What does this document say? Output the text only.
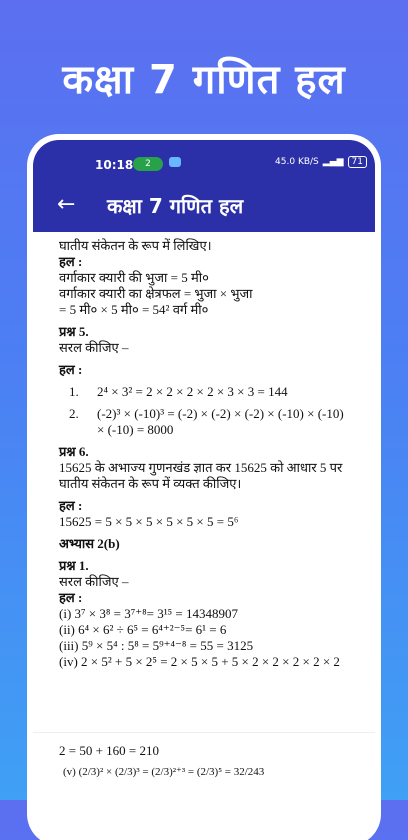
कक्षा 7 गणित हल
10:18	2	45.0 KB/S ▂▄▆ 71
← कक्षा 7 गणित हल
घातीय संकेतन के रूप में लिखिए।
हल :
वर्गाकार क्यारी की भुजा = 5 मी०
वर्गाकार क्यारी का क्षेत्रफल = भुजा × भुजा
= 5 मी० × 5 मी० = 54² वर्ग मी०
प्रश्न 5.
सरल कीजिए –
हल :
1.	2⁴ × 3² = 2 × 2 × 2 × 2 × 3 × 3 = 144
2.	(-2)³ × (-10)³ = (-2) × (-2) × (-2) × (-10) × (-10) × (-10) = 8000
प्रश्न 6.
15625 के अभाज्य गुणनखंड ज्ञात कर 15625 को आधार 5 पर घातीय संकेतन के रूप में व्यक्त कीजिए।
हल :
15625 = 5 × 5 × 5 × 5 × 5 × 5 = 5⁶
अभ्यास 2(b)
प्रश्न 1.
सरल कीजिए –
हल :
(i) 3⁷ × 3⁸ = 3⁷⁺⁸= 3¹⁵ = 14348907
(ii) 6⁴ × 6² ÷ 6⁵ = 6⁴⁺²⁻⁵= 6¹ = 6
(iii) 5⁹ × 5⁴ : 5⁸ = 5⁹⁺⁴⁻⁸ = 55 = 3125
(iv) 2 × 5² + 5 × 2⁵ = 2 × 5 × 5 + 5 × 2 × 2 × 2 × 2 × 2
2 = 50 + 160 = 210
(v) (2/3)² × (2/3)³ = (2/3)²⁺³ = (2/3)⁵ = 32/243
